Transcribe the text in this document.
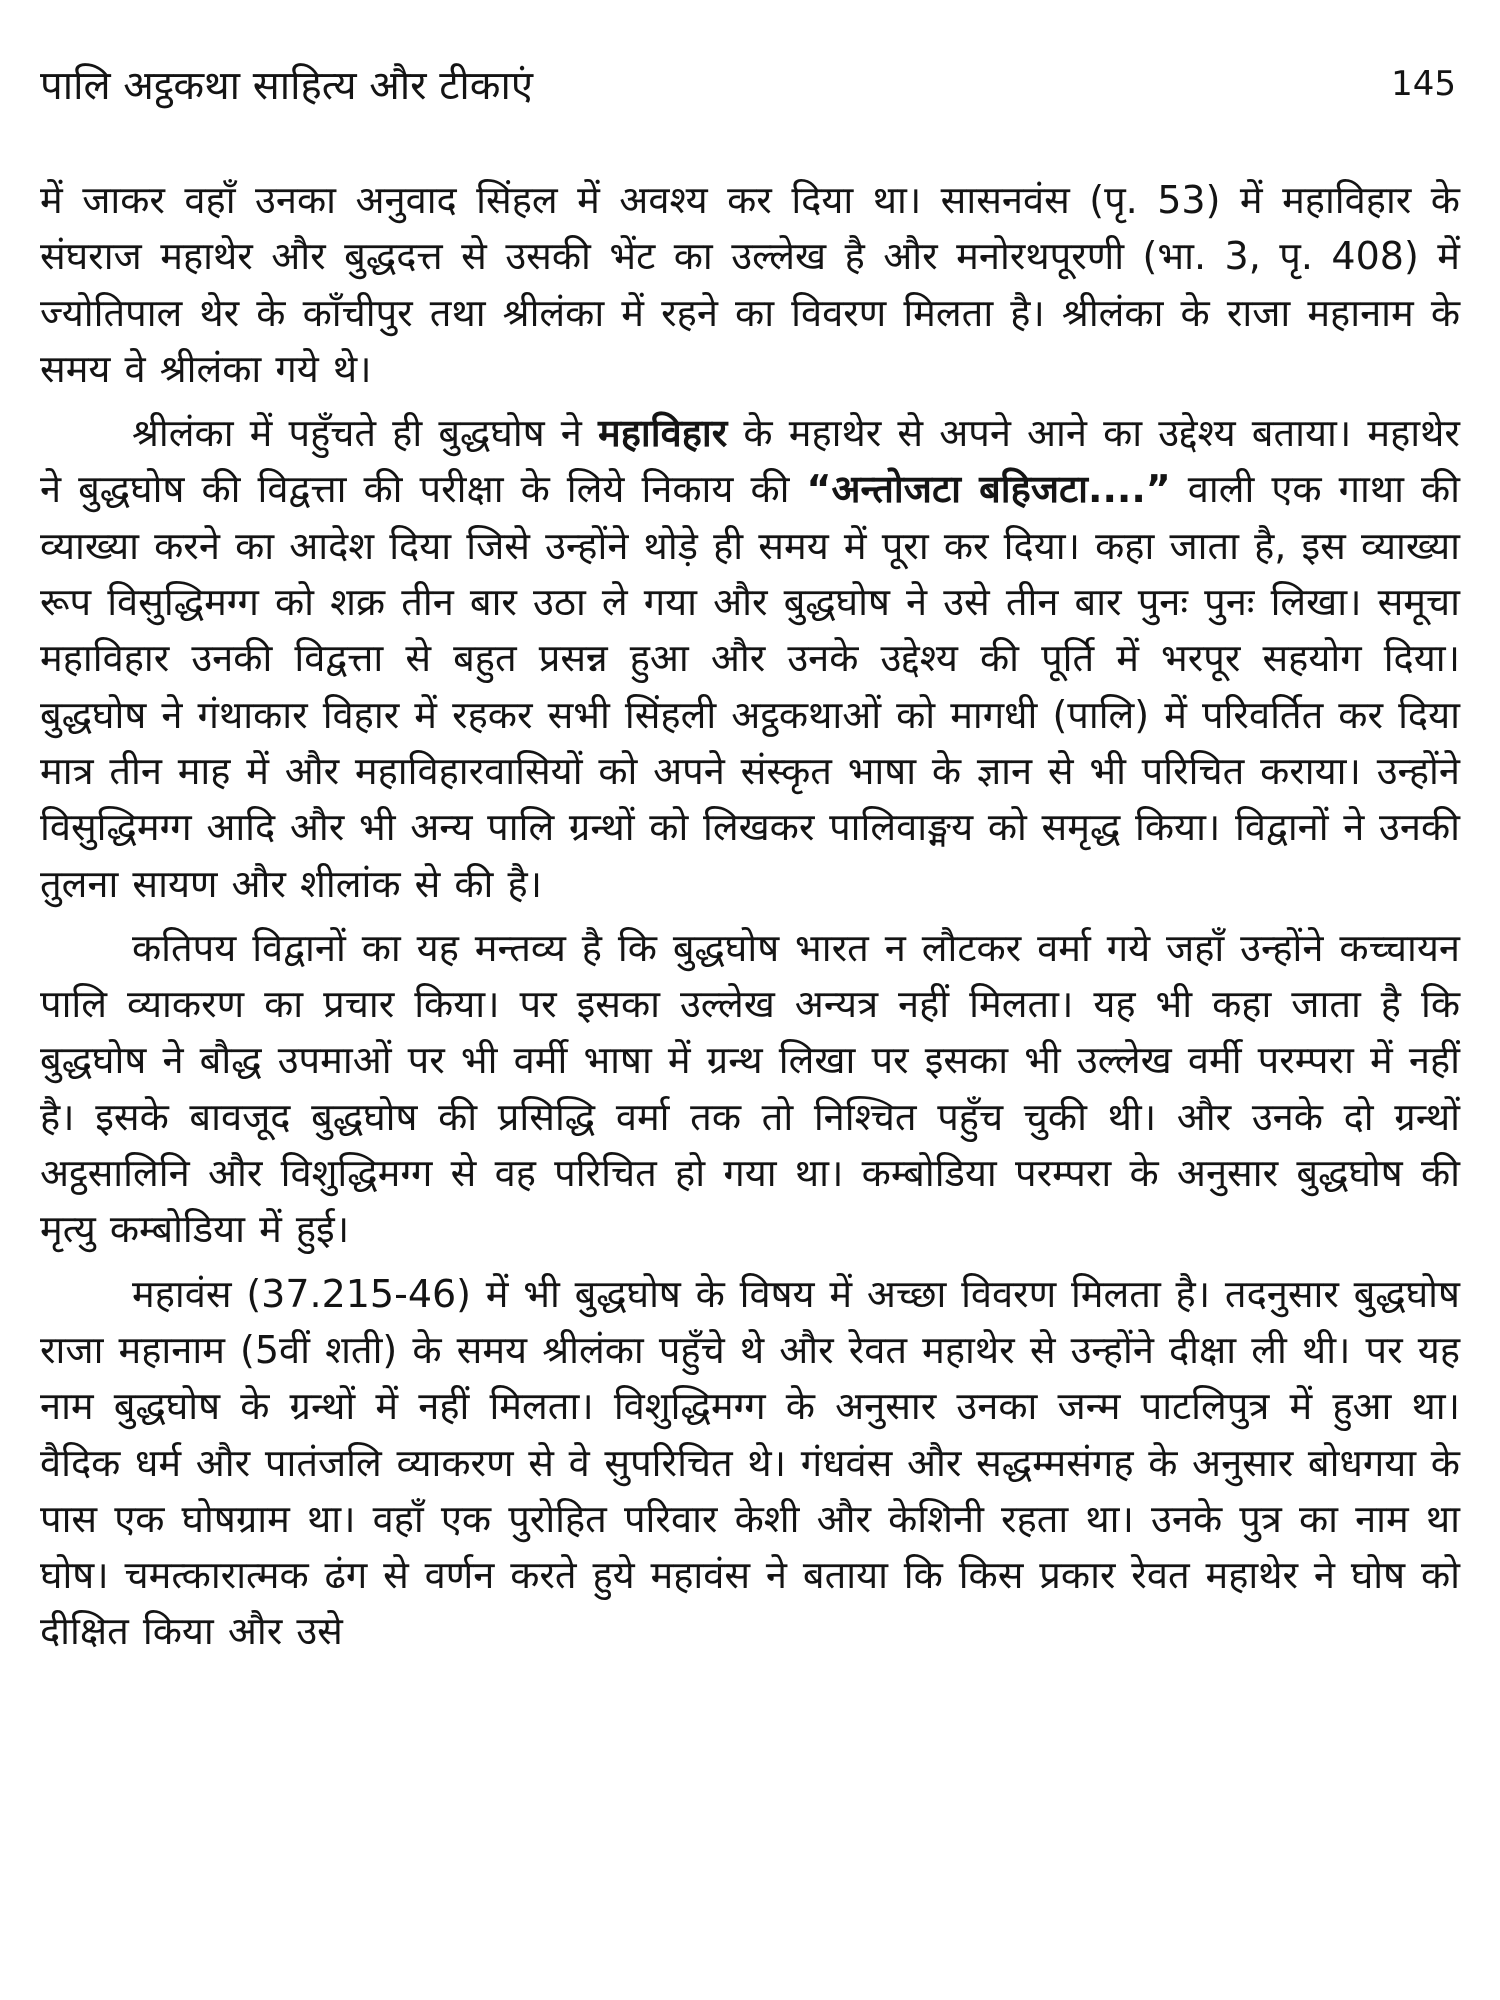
पालि अट्ठकथा साहित्य और टीकाएं	145

में जाकर वहाँ उनका अनुवाद सिंहल में अवश्य कर दिया था। सासनवंस (पृ. 53) में महाविहार के संघराज महाथेर और बुद्धदत्त से उसकी भेंट का उल्लेख है और मनोरथपूरणी (भा. 3, पृ. 408) में ज्योतिपाल थेर के काँचीपुर तथा श्रीलंका में रहने का विवरण मिलता है। श्रीलंका के राजा महानाम के समय वे श्रीलंका गये थे।

श्रीलंका में पहुँचते ही बुद्धघोष ने महाविहार के महाथेर से अपने आने का उद्देश्य बताया। महाथेर ने बुद्धघोष की विद्वत्ता की परीक्षा के लिये निकाय की “अन्तोजटा बहिजटा....” वाली एक गाथा की व्याख्या करने का आदेश दिया जिसे उन्होंने थोड़े ही समय में पूरा कर दिया। कहा जाता है, इस व्याख्या रूप विसुद्धिमग्ग को शक्र तीन बार उठा ले गया और बुद्धघोष ने उसे तीन बार पुनः पुनः लिखा। समूचा महाविहार उनकी विद्वत्ता से बहुत प्रसन्न हुआ और उनके उद्देश्य की पूर्ति में भरपूर सहयोग दिया। बुद्धघोष ने गंथाकार विहार में रहकर सभी सिंहली अट्ठकथाओं को मागधी (पालि) में परिवर्तित कर दिया मात्र तीन माह में और महाविहारवासियों को अपने संस्कृत भाषा के ज्ञान से भी परिचित कराया। उन्होंने विसुद्धिमग्ग आदि और भी अन्य पालि ग्रन्थों को लिखकर पालिवाङ्मय को समृद्ध किया। विद्वानों ने उनकी तुलना सायण और शीलांक से की है।

कतिपय विद्वानों का यह मन्तव्य है कि बुद्धघोष भारत न लौटकर वर्मा गये जहाँ उन्होंने कच्चायन पालि व्याकरण का प्रचार किया। पर इसका उल्लेख अन्यत्र नहीं मिलता। यह भी कहा जाता है कि बुद्धघोष ने बौद्ध उपमाओं पर भी वर्मी भाषा में ग्रन्थ लिखा पर इसका भी उल्लेख वर्मी परम्परा में नहीं है। इसके बावजूद बुद्धघोष की प्रसिद्धि वर्मा तक तो निश्चित पहुँच चुकी थी। और उनके दो ग्रन्थों अट्ठसालिनि और विशुद्धिमग्ग से वह परिचित हो गया था। कम्बोडिया परम्परा के अनुसार बुद्धघोष की मृत्यु कम्बोडिया में हुई।

महावंस (37.215-46) में भी बुद्धघोष के विषय में अच्छा विवरण मिलता है। तदनुसार बुद्धघोष राजा महानाम (5वीं शती) के समय श्रीलंका पहुँचे थे और रेवत महाथेर से उन्होंने दीक्षा ली थी। पर यह नाम बुद्धघोष के ग्रन्थों में नहीं मिलता। विशुद्धिमग्ग के अनुसार उनका जन्म पाटलिपुत्र में हुआ था। वैदिक धर्म और पातंजलि व्याकरण से वे सुपरिचित थे। गंधवंस और सद्धम्मसंगह के अनुसार बोधगया के पास एक घोषग्राम था। वहाँ एक पुरोहित परिवार केशी और केशिनी रहता था। उनके पुत्र का नाम था घोष। चमत्कारात्मक ढंग से वर्णन करते हुये महावंस ने बताया कि किस प्रकार रेवत महाथेर ने घोष को दीक्षित किया और उसे
